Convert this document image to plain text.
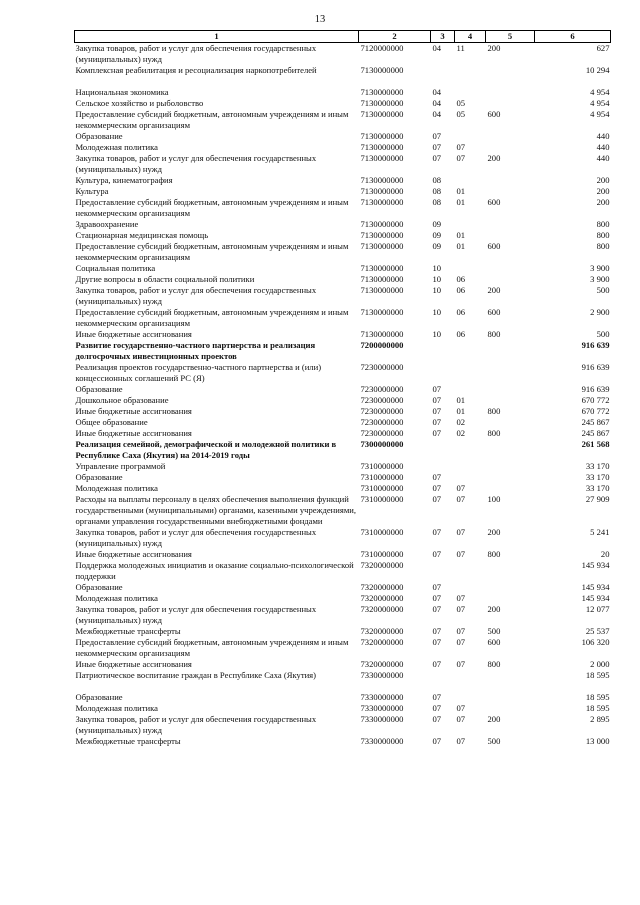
13
1	2	3	4	5	6
Закупка товаров, работ и услуг для обеспечения государственных (муниципальных) нужд	7120000000	04	11	200	627
Комплексная реабилитация и ресоциализация наркопотребителей	7130000000				10 294

Национальная экономика	7130000000	04			4 954
Сельское хозяйство и рыболовство	7130000000	04	05		4 954
Предоставление субсидий бюджетным, автономным учреждениям и иным некоммерческим организациям	7130000000	04	05	600	4 954
Образование	7130000000	07			440
Молодежная политика	7130000000	07	07		440
Закупка товаров, работ и услуг для обеспечения государственных (муниципальных) нужд	7130000000	07	07	200	440
Культура, кинематография	7130000000	08			200
Культура	7130000000	08	01		200
Предоставление субсидий бюджетным, автономным учреждениям и иным некоммерческим организациям	7130000000	08	01	600	200
Здравоохранение	7130000000	09			800
Стационарная медицинская помощь	7130000000	09	01		800
Предоставление субсидий бюджетным, автономным учреждениям и иным некоммерческим организациям	7130000000	09	01	600	800
Социальная политика	7130000000	10			3 900
Другие вопросы в области социальной политики	7130000000	10	06		3 900
Закупка товаров, работ и услуг для обеспечения государственных (муниципальных) нужд	7130000000	10	06	200	500
Предоставление субсидий бюджетным, автономным учреждениям и иным некоммерческим организациям	7130000000	10	06	600	2 900
Иные бюджетные ассигнования	7130000000	10	06	800	500
Развитие государственно-частного партнерства и реализация долгосрочных инвестиционных проектов	7200000000				916 639
Реализация проектов государственно-частного партнерства и (или) концессионных соглашений РС (Я)	7230000000				916 639
Образование	7230000000	07			916 639
Дошкольное образование	7230000000	07	01		670 772
Иные бюджетные ассигнования	7230000000	07	01	800	670 772
Общее образование	7230000000	07	02		245 867
Иные бюджетные ассигнования	7230000000	07	02	800	245 867
Реализация семейной, демографической и молодежной политики в Республике Саха (Якутия) на 2014-2019 годы	7300000000				261 568
Управление программой	7310000000				33 170
Образование	7310000000	07			33 170
Молодежная политика	7310000000	07	07		33 170
Расходы на выплаты персоналу в целях обеспечения выполнения функций государственными (муниципальными) органами, казенными учреждениями, органами управления государственными внебюджетными фондами	7310000000	07	07	100	27 909
Закупка товаров, работ и услуг для обеспечения государственных (муниципальных) нужд	7310000000	07	07	200	5 241
Иные бюджетные ассигнования	7310000000	07	07	800	20
Поддержка молодежных инициатив и оказание социально-психологической поддержки	7320000000				145 934
Образование	7320000000	07			145 934
Молодежная политика	7320000000	07	07		145 934
Закупка товаров, работ и услуг для обеспечения государственных (муниципальных) нужд	7320000000	07	07	200	12 077
Межбюджетные трансферты	7320000000	07	07	500	25 537
Предоставление субсидий бюджетным, автономным учреждениям и иным некоммерческим организациям	7320000000	07	07	600	106 320
Иные бюджетные ассигнования	7320000000	07	07	800	2 000
Патриотическое воспитание граждан в Республике Саха (Якутия)	7330000000				18 595

Образование	7330000000	07			18 595
Молодежная политика	7330000000	07	07		18 595
Закупка товаров, работ и услуг для обеспечения государственных (муниципальных) нужд	7330000000	07	07	200	2 895
Межбюджетные трансферты	7330000000	07	07	500	13 000
